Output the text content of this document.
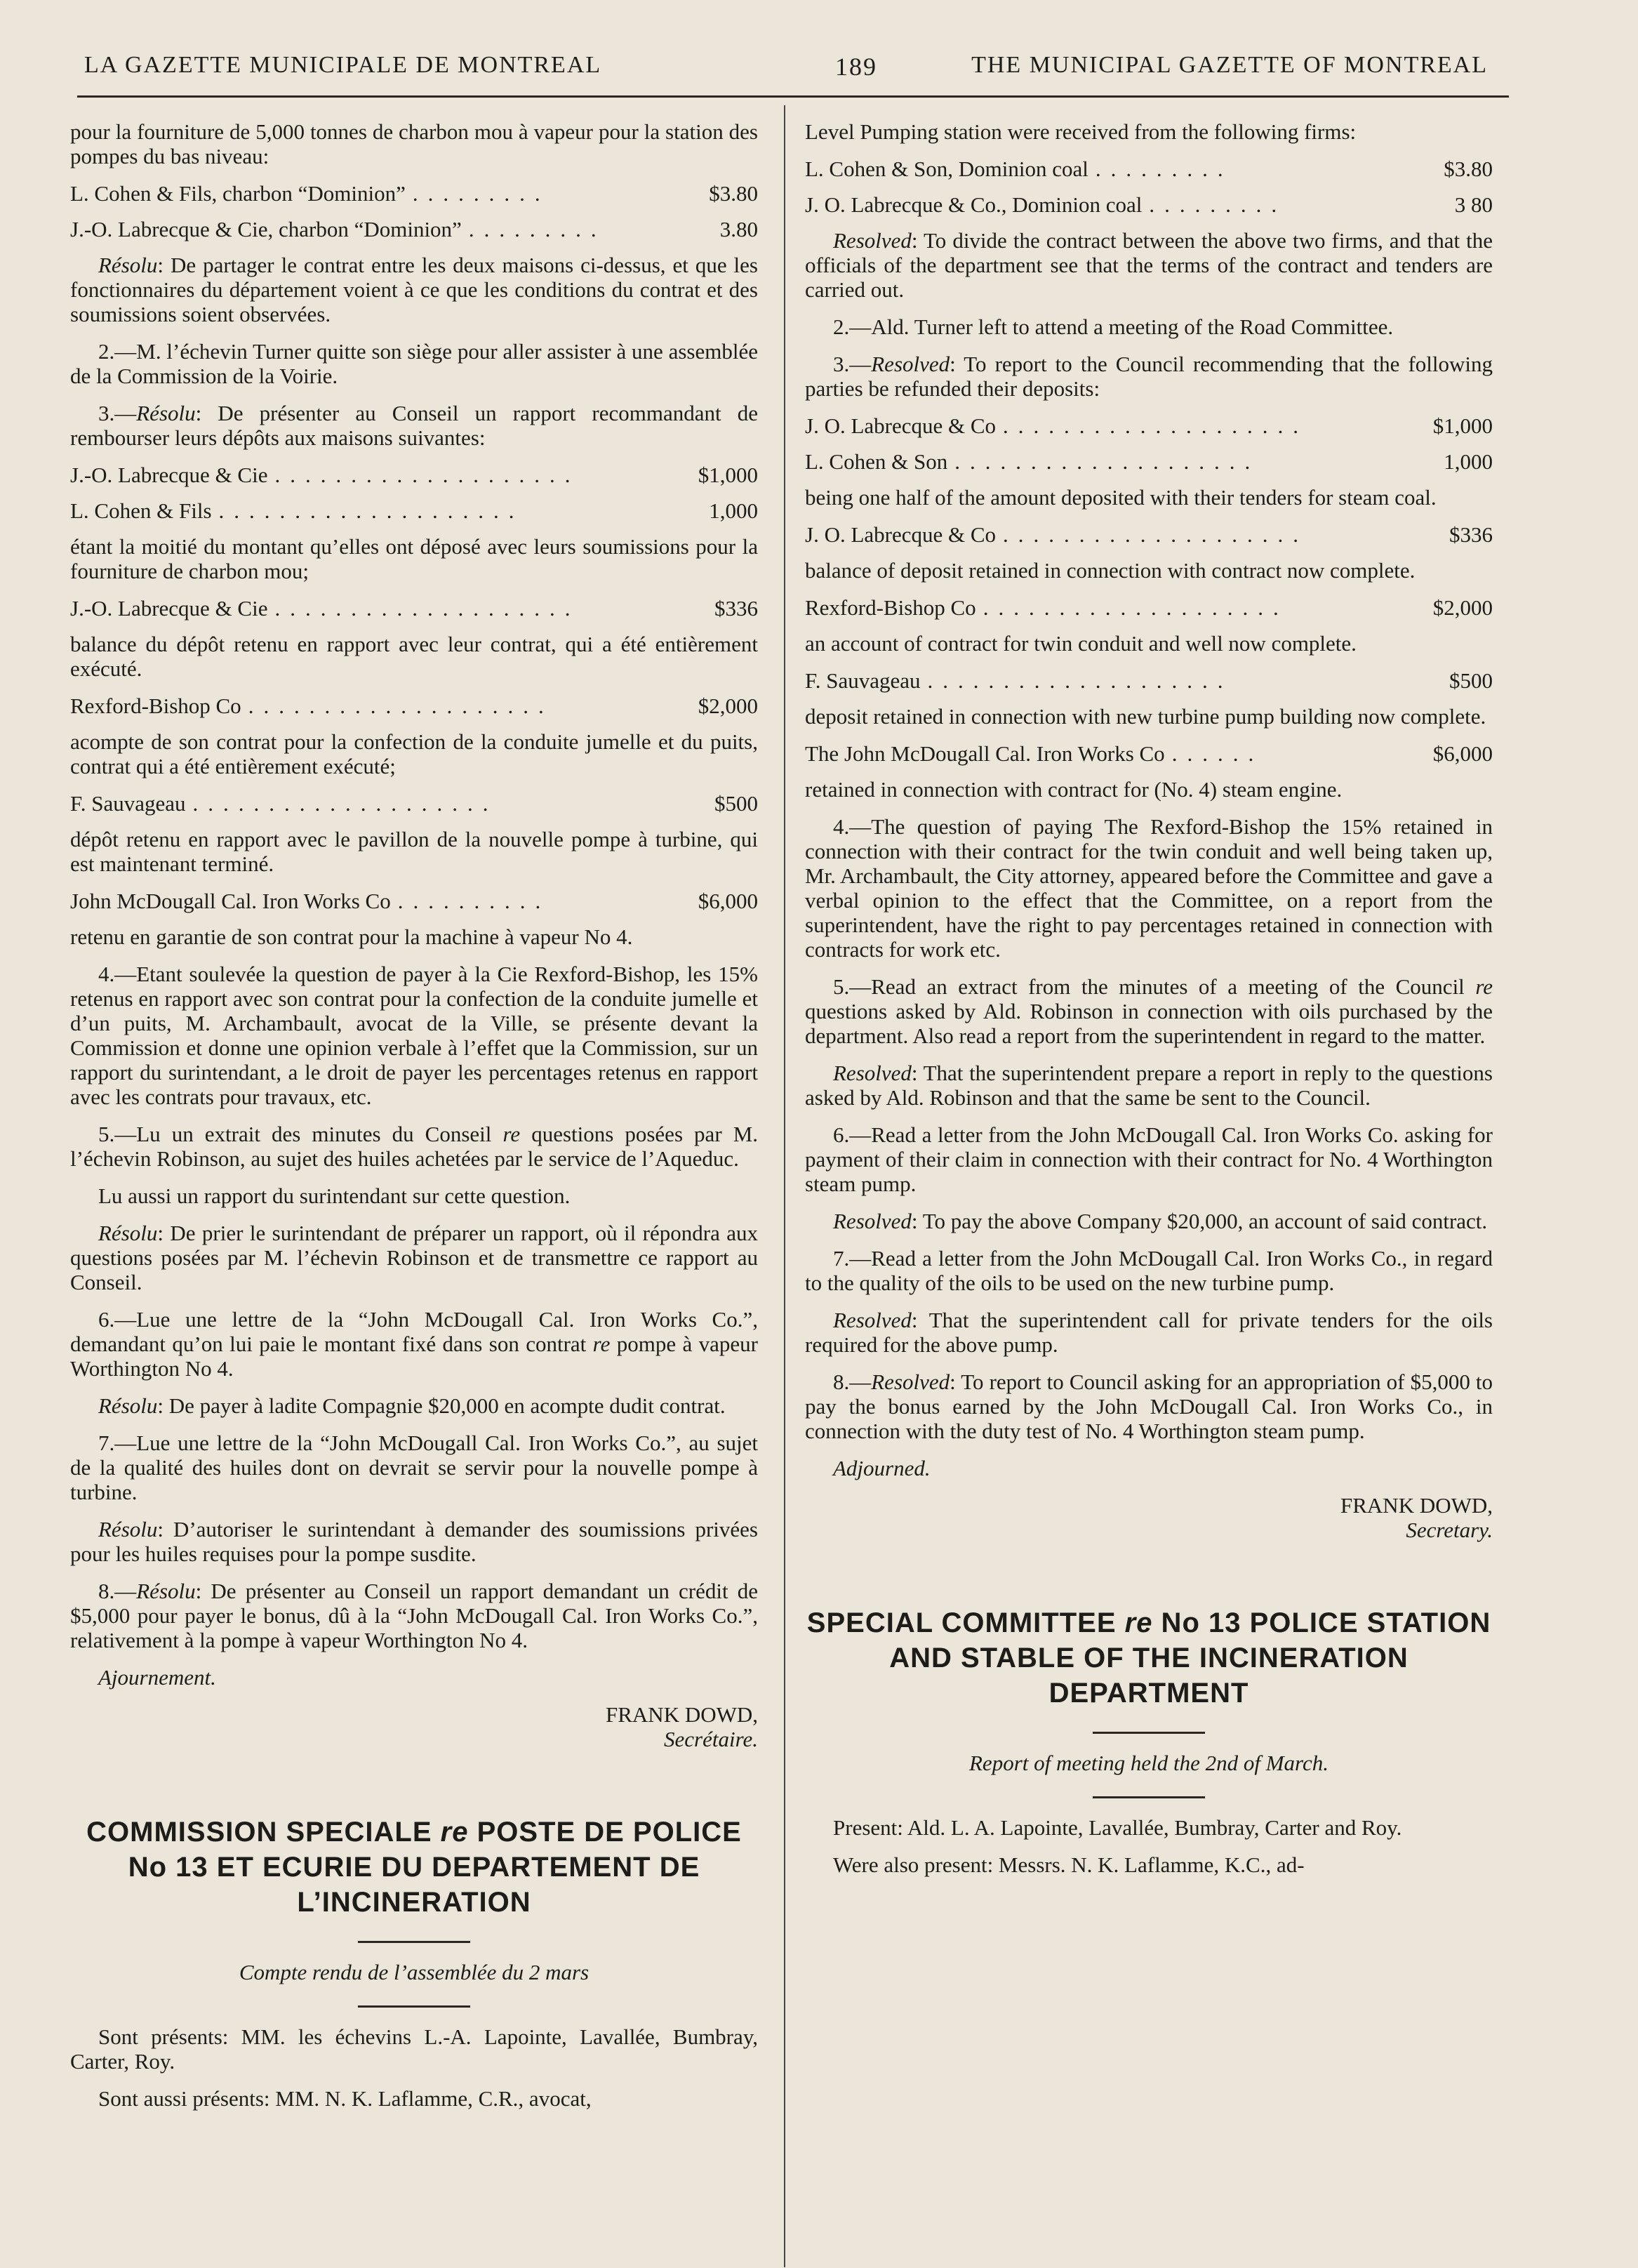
LA GAZETTE MUNICIPALE DE MONTREAL	189	THE MUNICIPAL GAZETTE OF MONTREAL

pour la fourniture de 5,000 tonnes de charbon mou à vapeur pour la station des pompes du bas niveau:

L. Cohen & Fils, charbon “Dominion” .........	$3.80
J.-O. Labrecque & Cie, charbon “Dominion” .........	3.80

Résolu: De partager le contrat entre les deux maisons ci-dessus, et que les fonctionnaires du département voient à ce que les conditions du contrat et des soumissions soient observées.

2.—M. l’échevin Turner quitte son siège pour aller assister à une assemblée de la Commission de la Voirie.

3.—Résolu: De présenter au Conseil un rapport recommandant de rembourser leurs dépôts aux maisons suivantes:

J.-O. Labrecque & Cie ....................	$1,000
L. Cohen & Fils ....................	1,000

étant la moitié du montant qu’elles ont déposé avec leurs soumissions pour la fourniture de charbon mou;

J.-O. Labrecque & Cie ....................	$336

balance du dépôt retenu en rapport avec leur contrat, qui a été entièrement exécuté.

Rexford-Bishop Co ....................	$2,000

acompte de son contrat pour la confection de la conduite jumelle et du puits, contrat qui a été entièrement exécuté;

F. Sauvageau ....................	$500

dépôt retenu en rapport avec le pavillon de la nouvelle pompe à turbine, qui est maintenant terminé.

John McDougall Cal. Iron Works Co ..........	$6,000

retenu en garantie de son contrat pour la machine à vapeur No 4.

4.—Etant soulevée la question de payer à la Cie Rexford-Bishop, les 15% retenus en rapport avec son contrat pour la confection de la conduite jumelle et d’un puits, M. Archambault, avocat de la Ville, se présente devant la Commission et donne une opinion verbale à l’effet que la Commission, sur un rapport du surintendant, a le droit de payer les percentages retenus en rapport avec les contrats pour travaux, etc.

5.—Lu un extrait des minutes du Conseil re questions posées par M. l’échevin Robinson, au sujet des huiles achetées par le service de l’Aqueduc.

Lu aussi un rapport du surintendant sur cette question.

Résolu: De prier le surintendant de préparer un rapport, où il répondra aux questions posées par M. l’échevin Robinson et de transmettre ce rapport au Conseil.

6.—Lue une lettre de la “John McDougall Cal. Iron Works Co.”, demandant qu’on lui paie le montant fixé dans son contrat re pompe à vapeur Worthington No 4.

Résolu: De payer à ladite Compagnie $20,000 en acompte dudit contrat.

7.—Lue une lettre de la “John McDougall Cal. Iron Works Co.”, au sujet de la qualité des huiles dont on devrait se servir pour la nouvelle pompe à turbine.

Résolu: D’autoriser le surintendant à demander des soumissions privées pour les huiles requises pour la pompe susdite.

8.—Résolu: De présenter au Conseil un rapport demandant un crédit de $5,000 pour payer le bonus, dû à la “John McDougall Cal. Iron Works Co.”, relativement à la pompe à vapeur Worthington No 4.

Ajournement.

FRANK DOWD,
Secrétaire.
COMMISSION SPECIALE re POSTE DE POLICE No 13 ET ECURIE DU DEPARTEMENT DE L’INCINERATION
Compte rendu de l’assemblée du 2 mars

Sont présents: MM. les échevins L.-A. Lapointe, Lavallée, Bumbray, Carter, Roy.

Sont aussi présents: MM. N. K. Laflamme, C.R., avocat,

Level Pumping station were received from the following firms:

L. Cohen & Son, Dominion coal .........	$3.80
J. O. Labrecque & Co., Dominion coal .........	3 80

Resolved: To divide the contract between the above two firms, and that the officials of the department see that the terms of the contract and tenders are carried out.

2.—Ald. Turner left to attend a meeting of the Road Committee.

3.—Resolved: To report to the Council recommending that the following parties be refunded their deposits:

J. O. Labrecque & Co ....................	$1,000
L. Cohen & Son ....................	1,000

being one half of the amount deposited with their tenders for steam coal.

J. O. Labrecque & Co ....................	$336

balance of deposit retained in connection with contract now complete.

Rexford-Bishop Co ....................	$2,000

an account of contract for twin conduit and well now complete.

F. Sauvageau ....................	$500

deposit retained in connection with new turbine pump building now complete.

The John McDougall Cal. Iron Works Co ......	$6,000

retained in connection with contract for (No. 4) steam engine.

4.—The question of paying The Rexford-Bishop the 15% retained in connection with their contract for the twin conduit and well being taken up, Mr. Archambault, the City attorney, appeared before the Committee and gave a verbal opinion to the effect that the Committee, on a report from the superintendent, have the right to pay percentages retained in connection with contracts for work etc.

5.—Read an extract from the minutes of a meeting of the Council re questions asked by Ald. Robinson in connection with oils purchased by the department. Also read a report from the superintendent in regard to the matter.

Resolved: That the superintendent prepare a report in reply to the questions asked by Ald. Robinson and that the same be sent to the Council.

6.—Read a letter from the John McDougall Cal. Iron Works Co. asking for payment of their claim in connection with their contract for No. 4 Worthington steam pump.

Resolved: To pay the above Company $20,000, an account of said contract.

7.—Read a letter from the John McDougall Cal. Iron Works Co., in regard to the quality of the oils to be used on the new turbine pump.

Resolved: That the superintendent call for private tenders for the oils required for the above pump.

8.—Resolved: To report to Council asking for an appropriation of $5,000 to pay the bonus earned by the John McDougall Cal. Iron Works Co., in connection with the duty test of No. 4 Worthington steam pump.

Adjourned.

FRANK DOWD,
Secretary.
SPECIAL COMMITTEE re No 13 POLICE STATION AND STABLE OF THE INCINERATION DEPARTMENT
Report of meeting held the 2nd of March.

Present: Ald. L. A. Lapointe, Lavallée, Bumbray, Carter and Roy.

Were also present: Messrs. N. K. Laflamme, K.C., ad-
